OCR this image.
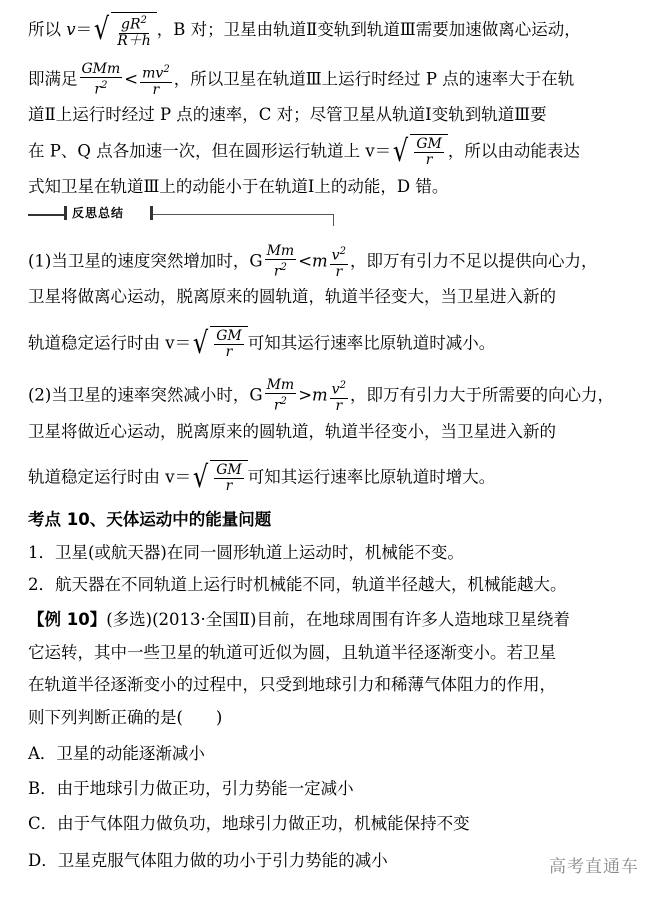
所以 v＝ √ $\frac{gR^2}{R+h}$ ，B 对；卫星由轨道Ⅱ变轨到轨道Ⅲ需要加速做离心运动，
即满足 $\frac{\text{GMm}}{r^2} < \frac{mv^2}{r}$ ，所以卫星在轨道Ⅲ上运行时经过 P 点的速率大于在轨
道Ⅱ上运行时经过 P 点的速率，C 对；尽管卫星从轨道Ⅰ变轨到轨道Ⅲ要
在 P、Q 点各加速一次，但在圆形运行轨道上 v＝ √ $\frac{GM}{r}$ ，所以由动能表达
式知卫星在轨道Ⅲ上的动能小于在轨道Ⅰ上的动能，D 错。
反思总结
(1)当卫星的速度突然增加时，G $\frac{Mm}{r^2} <m \frac{v^2}{r}$ ，即万有引力不足以提供向心力，
卫星将做离心运动，脱离原来的圆轨道，轨道半径变大，当卫星进入新的
轨道稳定运行时由 v＝ √ $\frac{GM}{r}$ 可知其运行速率比原轨道时减小。
(2)当卫星的速率突然减小时，G $\frac{Mm}{r^2} >m \frac{v^2}{r}$ ，即万有引力大于所需要的向心力，
卫星将做近心运动，脱离原来的圆轨道，轨道半径变小，当卫星进入新的
轨道稳定运行时由 v＝ √ $\frac{GM}{r}$ 可知其运行速率比原轨道时增大。
考点 10、天体运动中的能量问题
1．卫星(或航天器)在同一圆形轨道上运动时，机械能不变。
2．航天器在不同轨道上运行时机械能不同，轨道半径越大，机械能越大。
【例 10】(多选)(2013·全国Ⅱ)目前，在地球周围有许多人造地球卫星绕着
它运转，其中一些卫星的轨道可近似为圆，且轨道半径逐渐变小。若卫星
在轨道半径逐渐变小的过程中，只受到地球引力和稀薄气体阻力的作用，
则下列判断正确的是(　　)
A．卫星的动能逐渐减小
B．由于地球引力做正功，引力势能一定减小
C．由于气体阻力做负功，地球引力做正功，机械能保持不变
D．卫星克服气体阻力做的功小于引力势能的减小	高考直通车
